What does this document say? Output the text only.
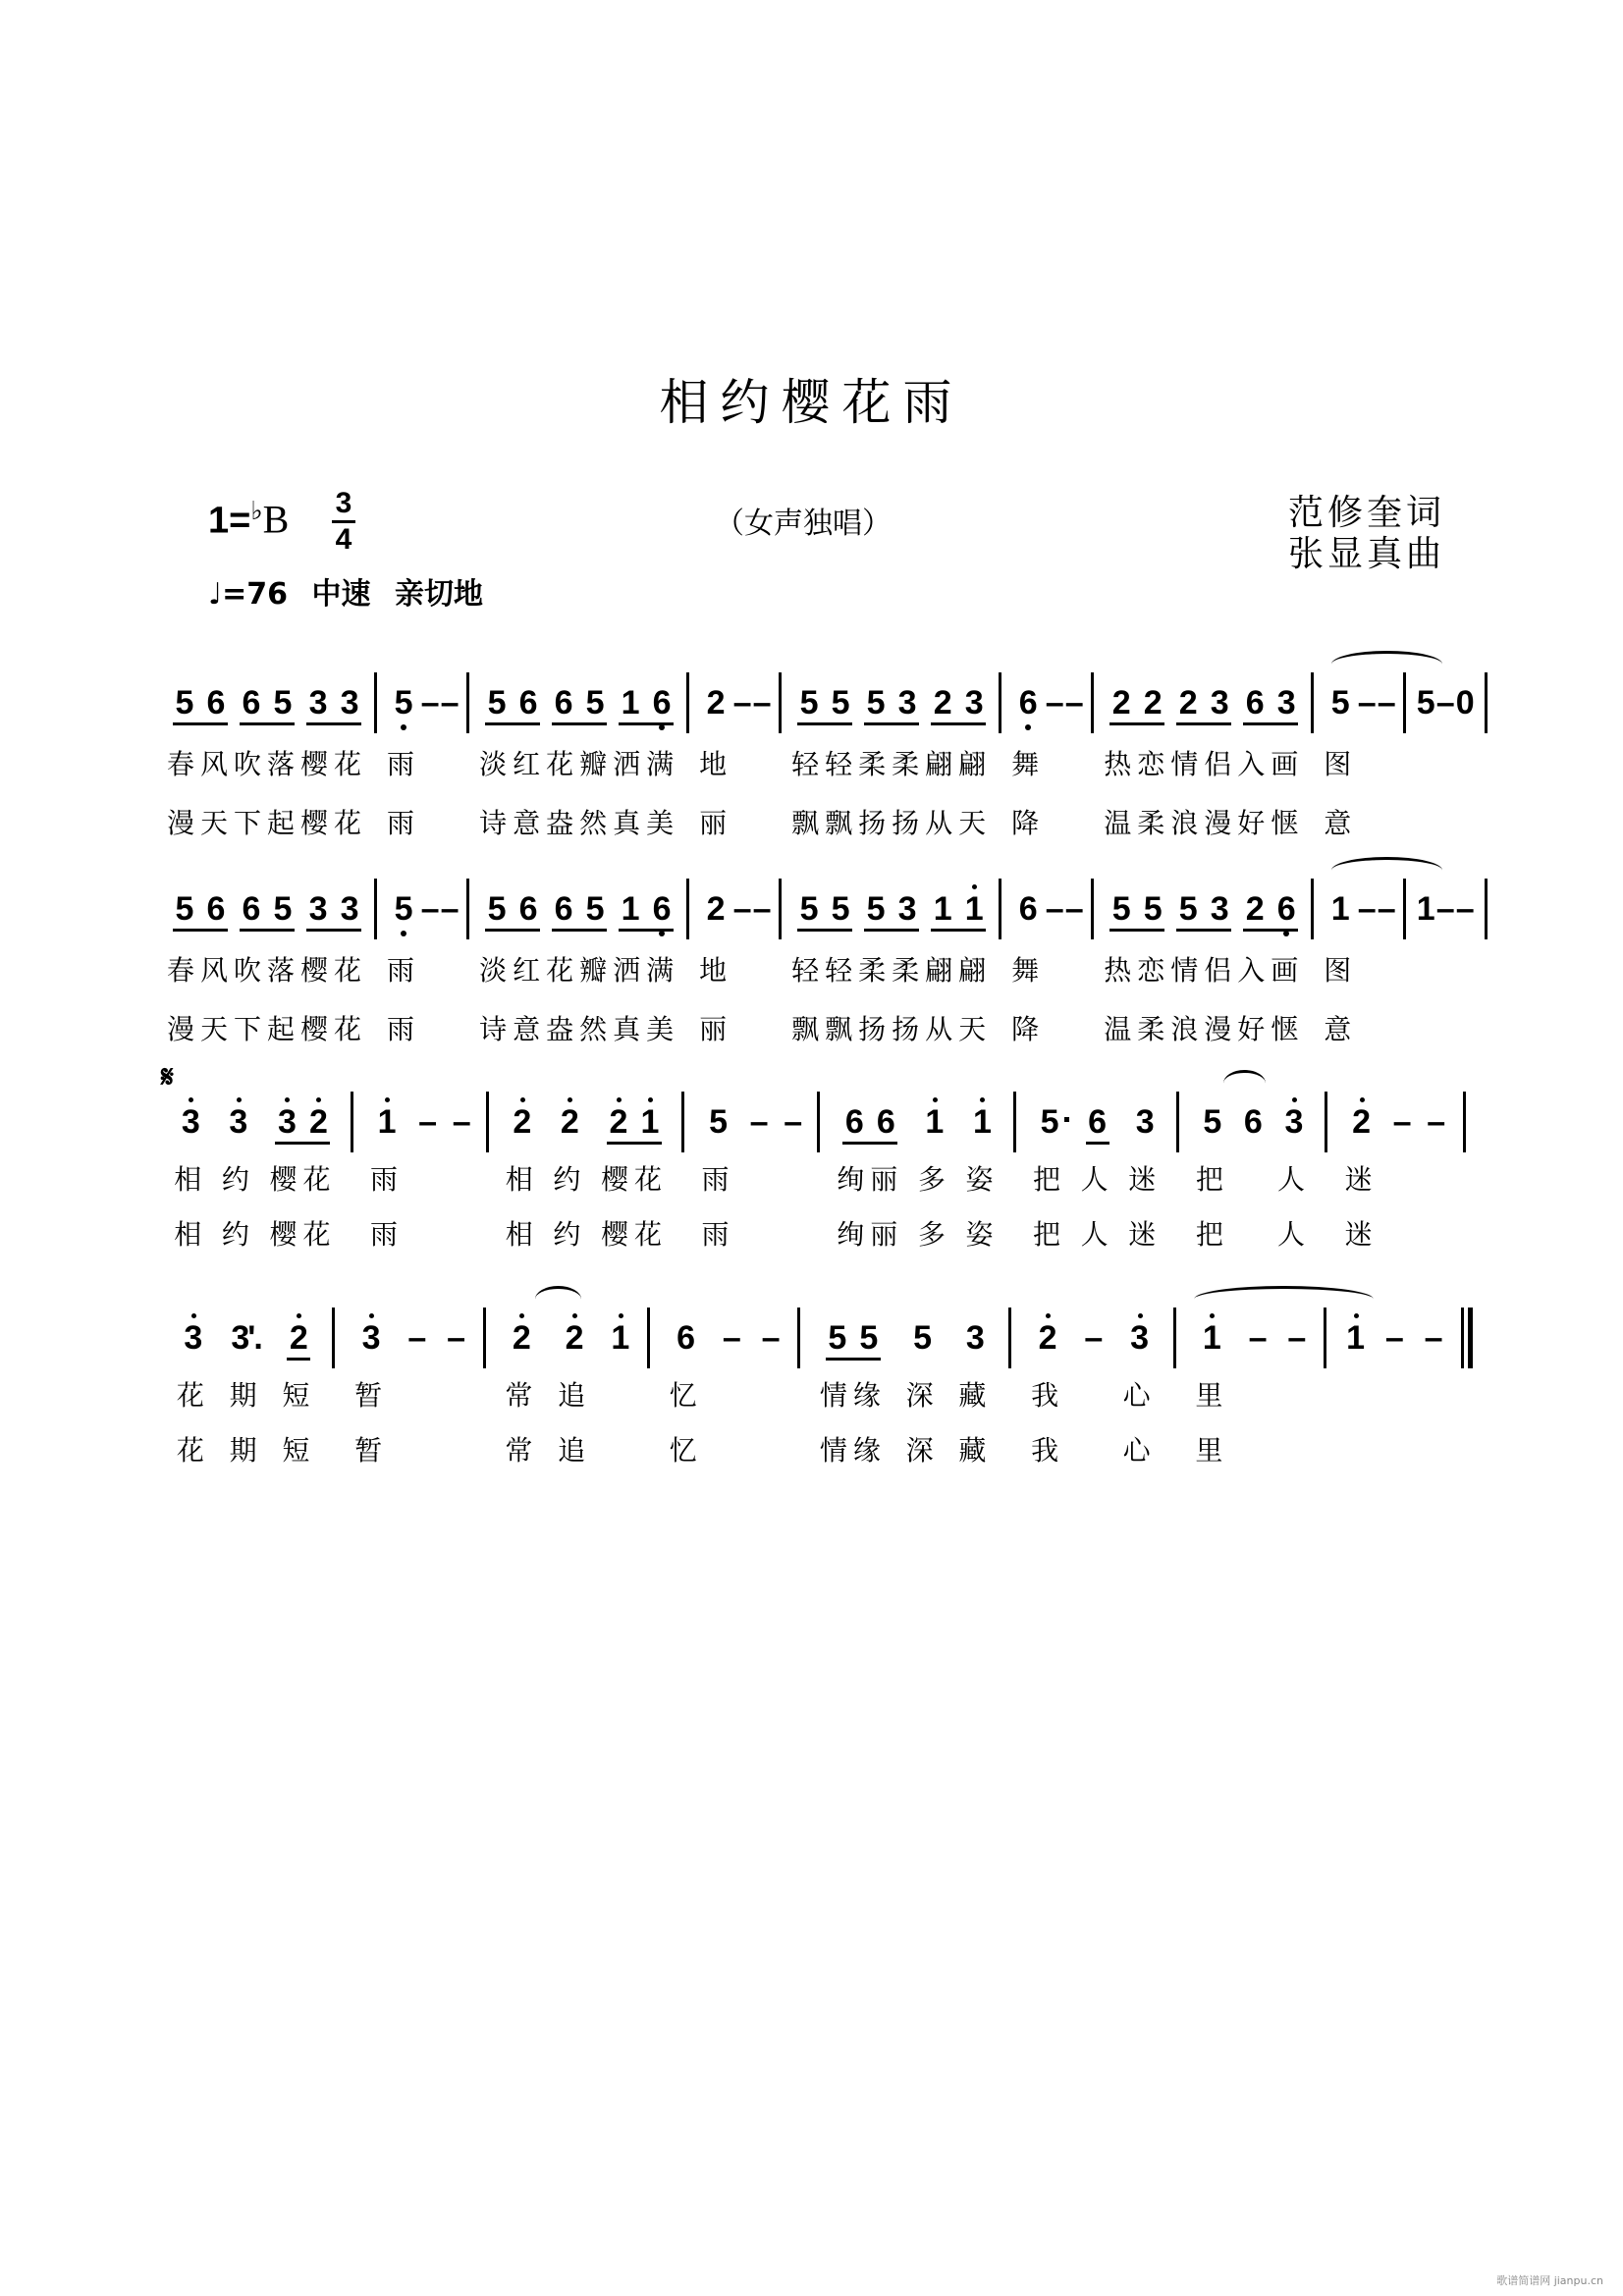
相约樱花雨
1=♭B 3
4
♩=76 中速 亲切地
（女声独唱）	范修奎词
张显真曲
𝄋
5 6
春风
漫天
6 5
吹落
下起
3 3
樱花
樱花
5
雨
雨
–

–

5 6
淡红
诗意
6 5
花瓣
盎然
1 6
洒满
真美
2
地
丽
–

–

5 5
轻轻
飘飘
5 3
柔柔
扬扬
2 3
翩翩
从天
6
舞
降
–

–

2 2
热恋
温柔
2 3
情侣
浪漫
6 3
入画
好惬
5
图
意
–

–

5

–

0

5 6
春风
漫天
6 5
吹落
下起
3 3
樱花
樱花
5
雨
雨
–

–

5 6
淡红
诗意
6 5
花瓣
盎然
1 6
洒满
真美
2
地
丽
–

–

5 5
轻轻
飘飘
5 3
柔柔
扬扬
1 1
翩翩
从天
6
舞
降
–

–

5 5
热恋
温柔
5 3
情侣
浪漫
2 6
入画
好惬
1
图
意
–

–

1

–

–

3
相
相
3
约
约
3 2
樱花
樱花
1
雨
雨
–

–

2
相
相
2
约
约
2 1
樱花
樱花
5
雨
雨
–

–

6 6
绚丽
绚丽
1
多
多
1
姿
姿
5
把
把
6
人
人
3
迷
迷
5
把
把
6

3
人
人
2
迷
迷
–

–

3
花
花
3'.
期
期
2
短
短
3
暂
暂
–

–

2
常
常
2
追
追
1

6
忆
忆
–

–

5 5
情缘
情缘
5
深
深
3
藏
藏
2
我
我
–

3
心
心
1
里
里
–

–

1

–

–

歌谱简谱网 jianpu.cn
